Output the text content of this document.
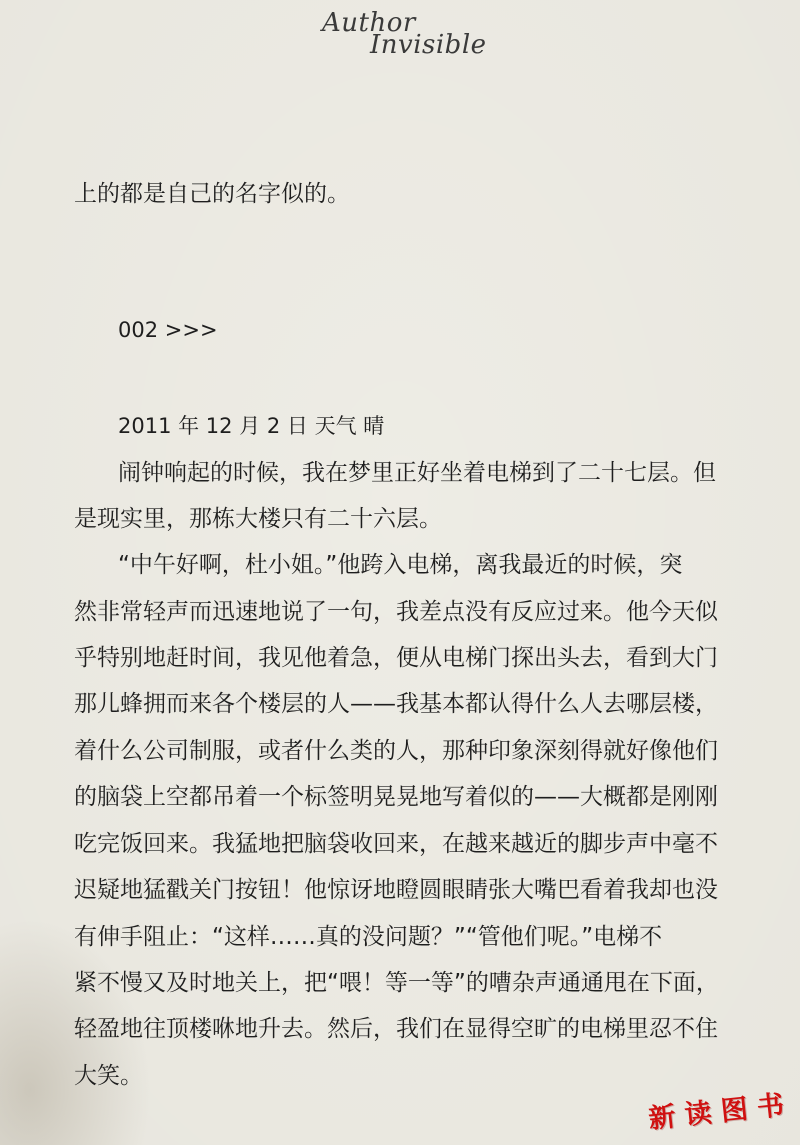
Author
Invisible
上的都是自己的名字似的。
002 >>>
2011 年 12 月 2 日 天气 晴
闹钟响起的时候，我在梦里正好坐着电梯到了二十七层。但
是现实里，那栋大楼只有二十六层。
“中午好啊，杜小姐。”他跨入电梯，离我最近的时候，突
然非常轻声而迅速地说了一句，我差点没有反应过来。他今天似
乎特别地赶时间，我见他着急，便从电梯门探出头去，看到大门
那儿蜂拥而来各个楼层的人——我基本都认得什么人去哪层楼，
着什么公司制服，或者什么类的人，那种印象深刻得就好像他们
的脑袋上空都吊着一个标签明晃晃地写着似的——大概都是刚刚
吃完饭回来。我猛地把脑袋收回来，在越来越近的脚步声中毫不
迟疑地猛戳关门按钮！他惊讶地瞪圆眼睛张大嘴巴看着我却也没
有伸手阻止：“这样……真的没问题？”“管他们呢。”电梯不
紧不慢又及时地关上，把“喂！等一等”的嘈杂声通通甩在下面，
轻盈地往顶楼咻地升去。然后，我们在显得空旷的电梯里忍不住
大笑。
新 读 图 书
